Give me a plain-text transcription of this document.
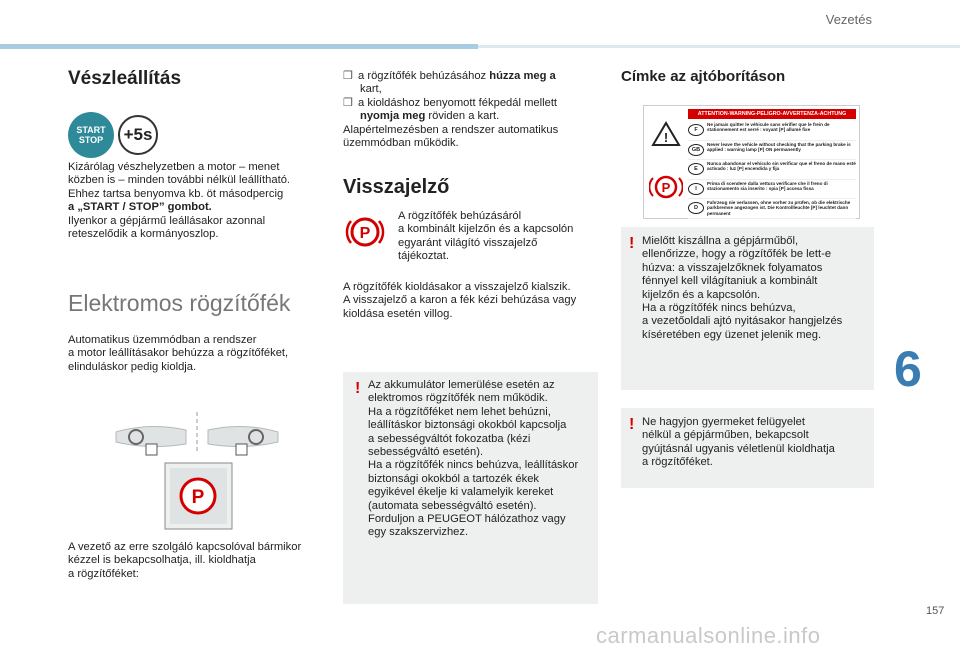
Vezetés
Vészleállítás
START
STOP +5s

Kizárólag vészhelyzetben a motor – menet

közben is – minden további nélkül leállítható.

Ehhez tartsa benyomva kb. öt másodpercig

a „START / STOP” gombot.

Ilyenkor a gépjármű leállásakor azonnal

reteszelődik a kormányoszlop.

Elektromos rögzítőfék

Automatikus üzemmódban a rendszer

a motor leállításakor behúzza a rögzítőféket,

elinduláskor pedig kioldja.

P

A vezető az erre szolgáló kapcsolóval bármikor

kézzel is bekapcsolhatja, ill. kioldhatja

a rögzítőféket:

❒ a rögzítőfék behúzásához húzza meg a

kart,

❒ a kioldáshoz benyomott fékpedál mellett

nyomja meg röviden a kart.

Alapértelmezésben a rendszer automatikus

üzemmódban működik.

Visszajelző
P

A rögzítőfék behúzásáról

a kombinált kijelzőn és a kapcsolón

egyaránt világító visszajelző

tájékoztat.

A rögzítőfék kioldásakor a visszajelző kialszik.

A visszajelző a karon a fék kézi behúzása vagy

kioldása esetén villog.

! Az akkumulátor lemerülése esetén az

elektromos rögzítőfék nem működik.

Ha a rögzítőféket nem lehet behúzni,

leállításkor biztonsági okokból kapcsolja

a sebességváltót fokozatba (kézi

sebességváltó esetén).

Ha a rögzítőfék nincs behúzva, leállításkor

biztonsági okokból a tartozék ékek

egyikével ékelje ki valamelyik kereket

(automata sebességváltó esetén).

Forduljon a PEUGEOT hálózathoz vagy

egy szakszervizhez.

Címke az ajtóborításon
!
P
ATTENTION-WARNING-PELIGRO-AVVERTENZA-ACHTUNG
F
Ne jamais quitter le véhicule sans vérifier que le frein de stationnement est serré : voyant [P] allumé fixe
GB
Never leave the vehicle without checking that the parking brake is applied : warning lamp [P] ON permanently
E
Nunca abandonar el vehículo sin verificar que el freno de mano esté activado : luz [P] encendida y fija
I
Prima di scendere dalla vettura verificare che il freno di stazionamento sia inserito : spia [P] accesa fissa
D
Fahrzeug nie verlassen, ohne vorher zu prüfen, ob die elektrische parkbremse angezogen ist. Die Kontrollleuchte [P] leuchtet dann permanent
! Mielőtt kiszállna a gépjárműből,

ellenőrizze, hogy a rögzítőfék be lett-e

húzva: a visszajelzőknek folyamatos

fénnyel kell világítaniuk a kombinált

kijelzőn és a kapcsolón.

Ha a rögzítőfék nincs behúzva,

a vezetőoldali ajtó nyitásakor hangjelzés

kíséretében egy üzenet jelenik meg.

! Ne hagyjon gyermeket felügyelet

nélkül a gépjárműben, bekapcsolt

gyújtásnál ugyanis véletlenül kioldhatja

a rögzítőféket.

6
157
carmanualsonline.info
